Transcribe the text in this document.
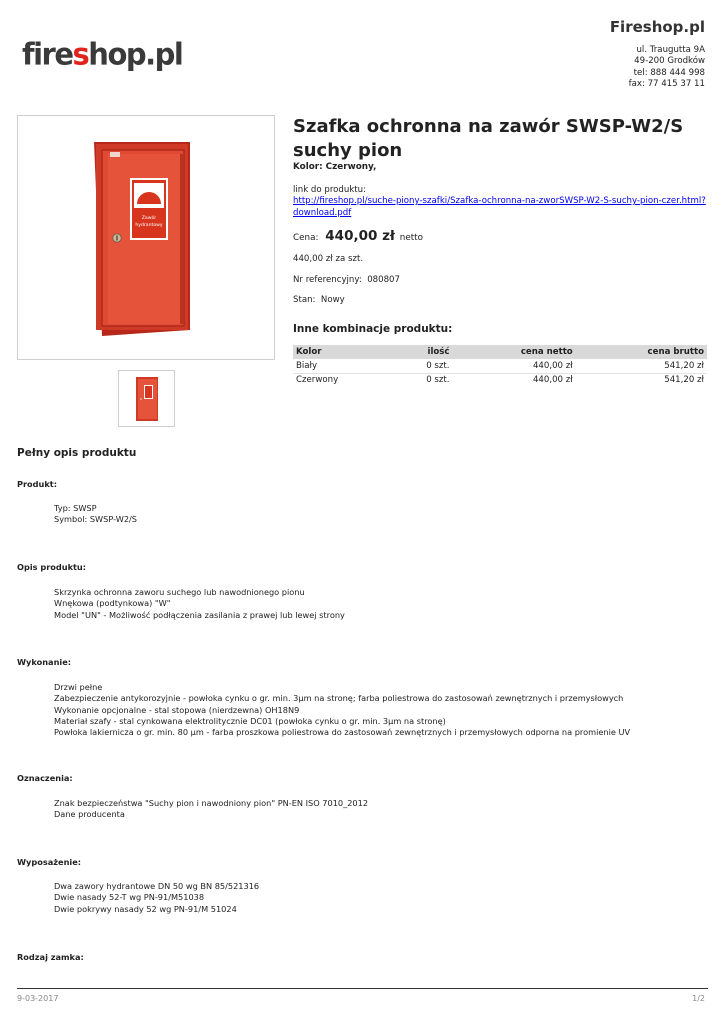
fireshop.pl
Fireshop.pl
ul. Traugutta 9A
49-200 Grodków
tel: 888 444 998
fax: 77 415 37 11
Zawór
hydrantowy
Szafka ochronna na zawór SWSP-W2/S suchy pion
Kolor: Czerwony,
link do produktu:
http://fireshop.pl/suche-piony-szafki/Szafka-ochronna-na-zworSWSP-W2-S-suchy-pion-czer.html?download.pdf
Cena: 440,00 zł netto
440,00 zł za szt.
Nr referencyjny: 080807
Stan: Nowy
Inne kombinacje produktu:
Kolor	ilość	cena netto	cena brutto
Biały	0 szt.	440,00 zł	541,20 zł
Czerwony	0 szt.	440,00 zł	541,20 zł
Pełny opis produktu
Produkt:
Typ: SWSP
Symbol: SWSP-W2/S
Opis produktu:
Skrzynka ochronna zaworu suchego lub nawodnionego pionu
Wnękowa (podtynkowa) "W"
Model "UN" - Możliwość podłączenia zasilania z prawej lub lewej strony
Wykonanie:
Drzwi pełne
Zabezpieczenie antykorozyjnie - powłoka cynku o gr. min. 3μm na stronę; farba poliestrowa do zastosowań zewnętrznych i przemysłowych
Wykonanie opcjonalne - stal stopowa (nierdzewna) OH18N9
Materiał szafy - stal cynkowana elektrolitycznie DC01 (powłoka cynku o gr. min. 3μm na stronę)
Powłoka lakiernicza o gr. min. 80 μm - farba proszkowa poliestrowa do zastosowań zewnętrznych i przemysłowych odporna na promienie UV
Oznaczenia:
Znak bezpieczeństwa "Suchy pion i nawodniony pion" PN-EN ISO 7010_2012
Dane producenta
Wyposażenie:
Dwa zawory hydrantowe DN 50 wg BN 85/521316
Dwie nasady 52-T wg PN-91/M51038
Dwie pokrywy nasady 52 wg PN-91/M 51024
Rodzaj zamka:
9-03-2017	1/2
